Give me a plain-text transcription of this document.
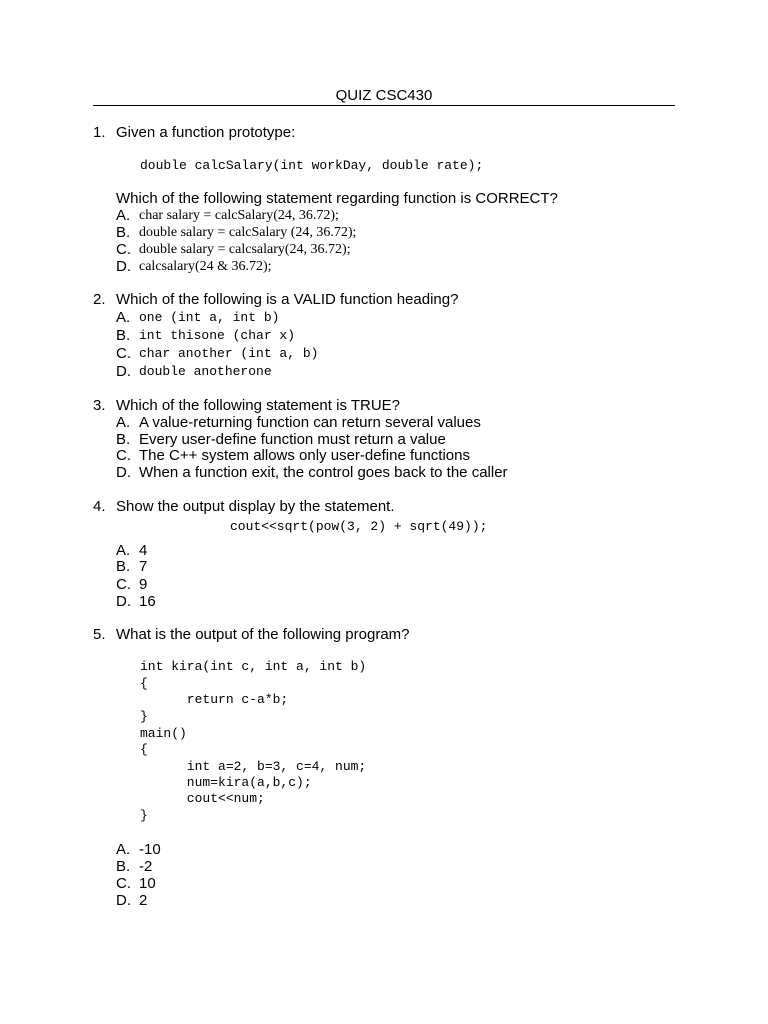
QUIZ CSC430

1.

Given a function prototype:

double calcSalary(int workDay, double rate);
Which of the following statement regarding function is CORRECT?

A.

char salary = calcSalary(24, 36.72);

B.

double salary = calcSalary (24, 36.72);

C.

double salary = calcsalary(24, 36.72);

D.

calcsalary(24 & 36.72);

2.

Which of the following is a VALID function heading?

A.

one (int a, int b)

B.

int thisone (char x)

C.

char another (int a, b)

D.

double anotherone

3.

Which of the following statement is TRUE?

A.

A value-returning function can return several values

B.

Every user-define function must return a value

C.

The C++ system allows only user-define functions

D.

When a function exit, the control goes back to the caller

4.

Show the output display by the statement.

cout<<sqrt(pow(3, 2) + sqrt(49));

A.

4

B.

7

C.

9

D.

16

5.

What is the output of the following program?

int kira(int c, int a, int b)
{
return c-a*b;
}
main()
{
int a=2, b=3, c=4, num;
num=kira(a,b,c);
cout<<num;
}

A.

-10

B.

-2

C.

10

D.

2
